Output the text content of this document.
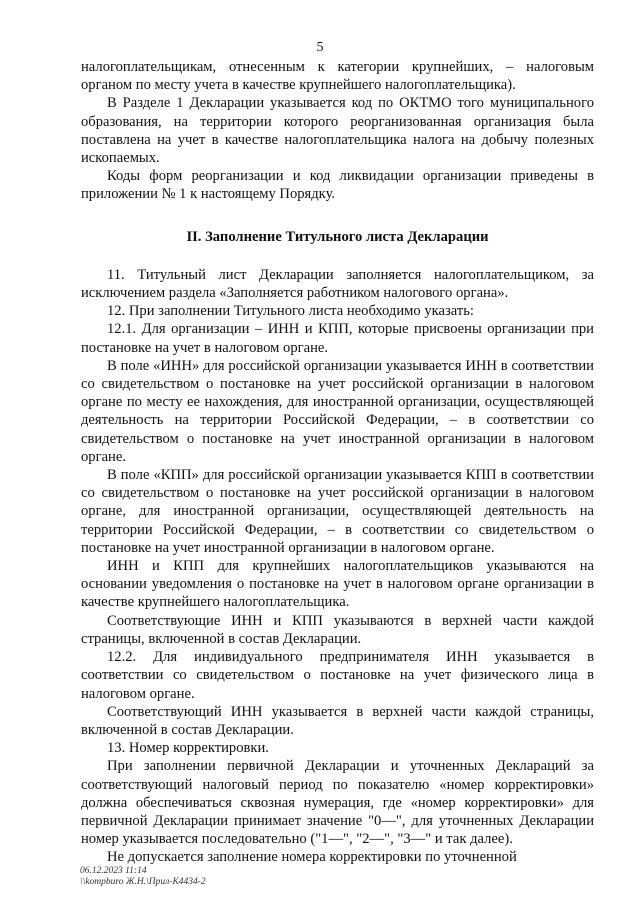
5

налогоплательщикам, отнесенным к категории крупнейших, – налоговым органом по месту учета в качестве крупнейшего налогоплательщика).

В Разделе 1 Декларации указывается код по ОКТМО того муниципального образования, на территории которого реорганизованная организация была поставлена на учет в качестве налогоплательщика налога на добычу полезных ископаемых.

Коды форм реорганизации и код ликвидации организации приведены в приложении № 1 к настоящему Порядку.

II. Заполнение Титульного листа Декларации

11. Титульный лист Декларации заполняется налогоплательщиком, за исключением раздела «Заполняется работником налогового органа».

12. При заполнении Титульного листа необходимо указать:

12.1. Для организации – ИНН и КПП, которые присвоены организации при постановке на учет в налоговом органе.

В поле «ИНН» для российской организации указывается ИНН в соответствии со свидетельством о постановке на учет российской организации в налоговом органе по месту ее нахождения, для иностранной организации, осуществляющей деятельность на территории Российской Федерации, – в соответствии со свидетельством о постановке на учет иностранной организации в налоговом органе.

В поле «КПП» для российской организации указывается КПП в соответствии со свидетельством о постановке на учет российской организации в налоговом органе, для иностранной организации, осуществляющей деятельность на территории Российской Федерации, – в соответствии со свидетельством о постановке на учет иностранной организации в налоговом органе.

ИНН и КПП для крупнейших налогоплательщиков указываются на основании уведомления о постановке на учет в налоговом органе организации в качестве крупнейшего налогоплательщика.

Соответствующие ИНН и КПП указываются в верхней части каждой страницы, включенной в состав Декларации.

12.2. Для индивидуального предпринимателя ИНН указывается в соответствии со свидетельством о постановке на учет физического лица в налоговом органе.

Соответствующий ИНН указывается в верхней части каждой страницы, включенной в состав Декларации.

13. Номер корректировки.

При заполнении первичной Декларации и уточненных Деклараций за соответствующий налоговый период по показателю «номер корректировки» должна обеспечиваться сквозная нумерация, где «номер корректировки» для первичной Декларации принимает значение "0—", для уточненных Декларации номер указывается последовательно ("1—", "2—", "3—" и так далее).

Не допускается заполнение номера корректировки по уточненной

06.12.2023 11:14
\\kompburo Ж.Н.\Прил-К4434-2
